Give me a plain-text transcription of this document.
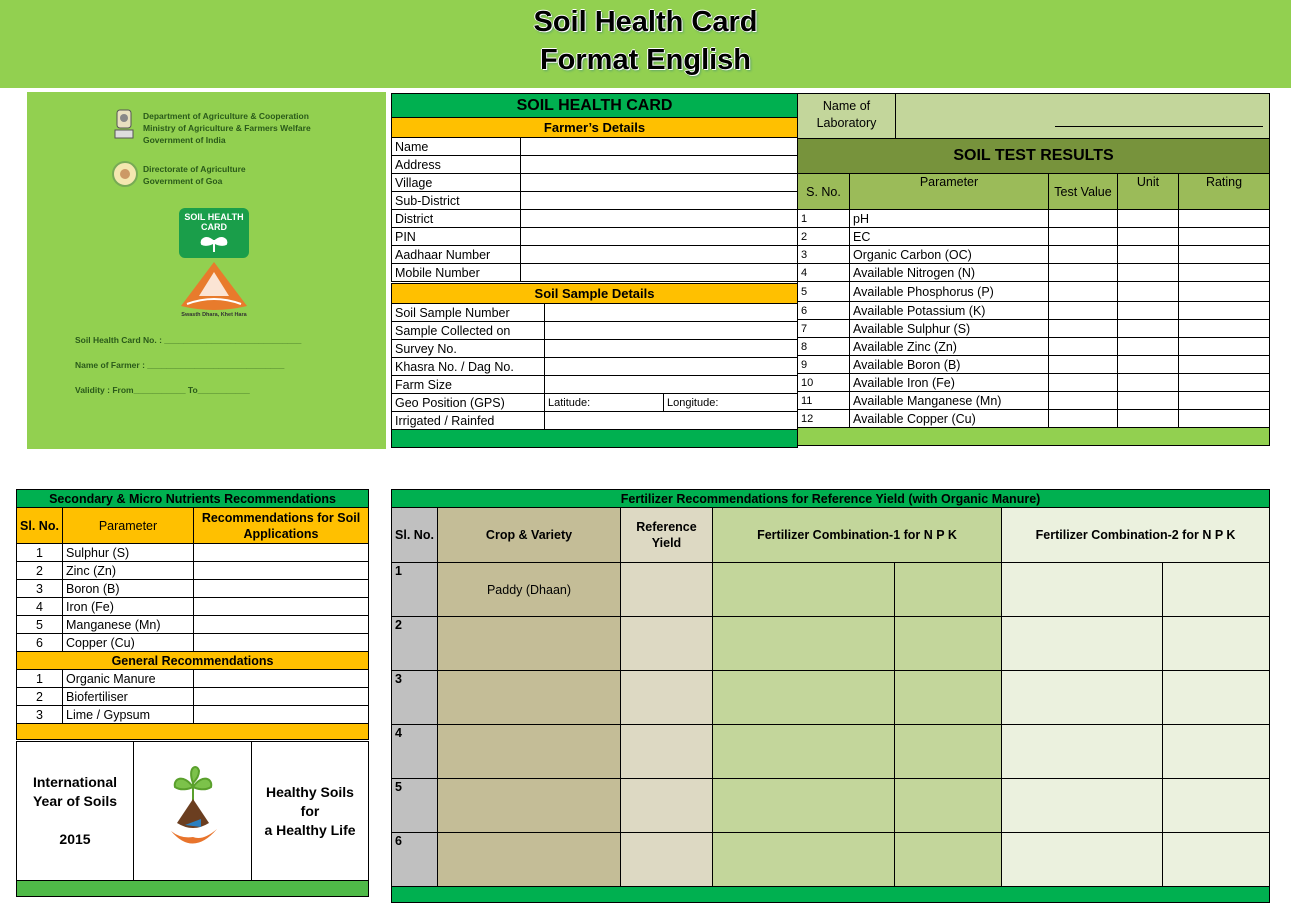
Soil Health Card
Format English
Department of Agriculture & Cooperation
Ministry of Agriculture & Farmers Welfare
Government of India
Directorate of Agriculture
Government of Goa
SOIL HEALTH
CARD
Swasth Dhara, Khet Hara
Soil Health Card No. : _____________________________
Name of Farmer : _____________________________
Validity : From___________ To___________
SOIL HEALTH CARD	
Farmer’s Details	
Name	
Address	
Village	
Sub-District	
District	
PIN	
Aadhaar Number	
Mobile Number	
Soil Sample Details		
Soil Sample Number		
Sample Collected on		
Survey No.		
Khasra No. / Dag No.		
Farm Size		
Geo Position (GPS)	Latitude:	Longitude:
Irrigated / Rainfed		

Name of Laboratory				

SOIL TEST RESULTS				
S. No.	Parameter	Test Value	Unit	Rating
1	pH			
2	EC			
3	Organic Carbon (OC)			
4	Available Nitrogen (N)			
5	Available Phosphorus (P)			
6	Available Potassium (K)			
7	Available Sulphur (S)			
8	Available Zinc (Zn)			
9	Available Boron (B)			
10	Available Iron (Fe)			
11	Available Manganese (Mn)			
12	Available Copper (Cu)			

Secondary & Micro Nutrients Recommendations		
Sl. No.	Parameter	Recommendations for Soil Applications
1	Sulphur (S)	
2	Zinc (Zn)	
3	Boron (B)	
4	Iron (Fe)	
5	Manganese (Mn)	
6	Copper (Cu)	
General Recommendations		
1	Organic Manure	
2	Biofertiliser	
3	Lime / Gypsum	

International
Year of Soils

2015

Healthy Soils
for
a Healthy Life

Fertilizer Recommendations for Reference Yield (with Organic Manure)						
Sl. No.	Crop & Variety	Reference Yield	Fertilizer Combination-1 for N P K		Fertilizer Combination-2 for N P K	
1	Paddy (Dhaan)					
2						
3						
4						
5						
6						
